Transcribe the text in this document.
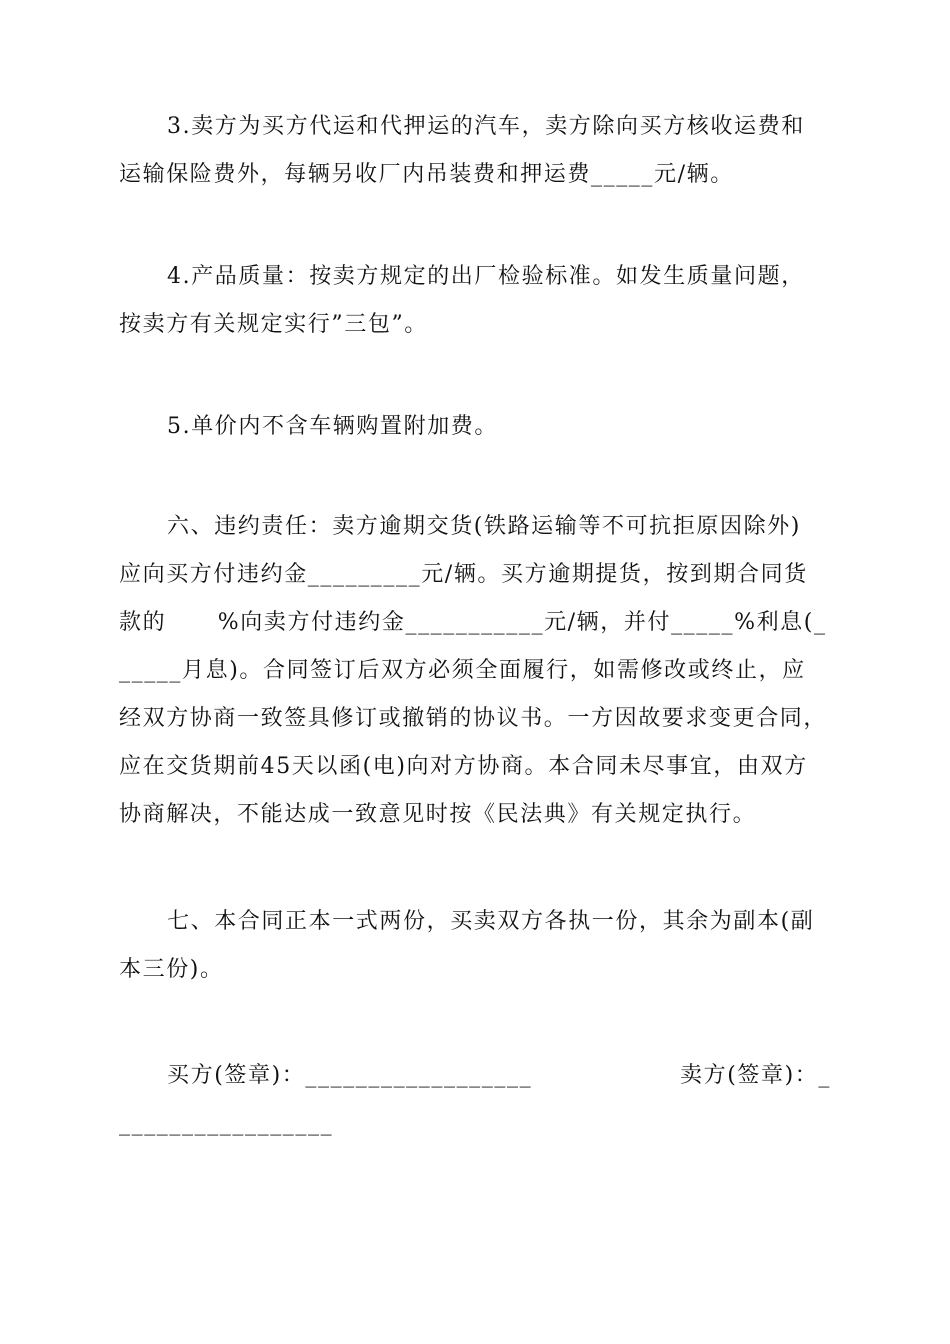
3.卖方为买方代运和代押运的汽车，卖方除向买方核收运费和
运输保险费外，每辆另收厂内吊装费和押运费_____元/辆。
4.产品质量：按卖方规定的出厂检验标准。如发生质量问题，
按卖方有关规定实行”三包”。
5.单价内不含车辆购置附加费。
六、违约责任：卖方逾期交货(铁路运输等不可抗拒原因除外)
应向买方付违约金_________元/辆。买方逾期提货，按到期合同货
款的      %向卖方付违约金___________元/辆，并付_____%利息(_
_____月息)。合同签订后双方必须全面履行，如需修改或终止，应
经双方协商一致签具修订或撤销的协议书。一方因故要求变更合同，
应在交货期前45天以函(电)向对方协商。本合同未尽事宜，由双方
协商解决，不能达成一致意见时按《民法典》有关规定执行。
七、本合同正本一式两份，买卖双方各执一份，其余为副本(副
本三份)。

买方(签章)：__________________

	卖方(签章)：_

_________________
